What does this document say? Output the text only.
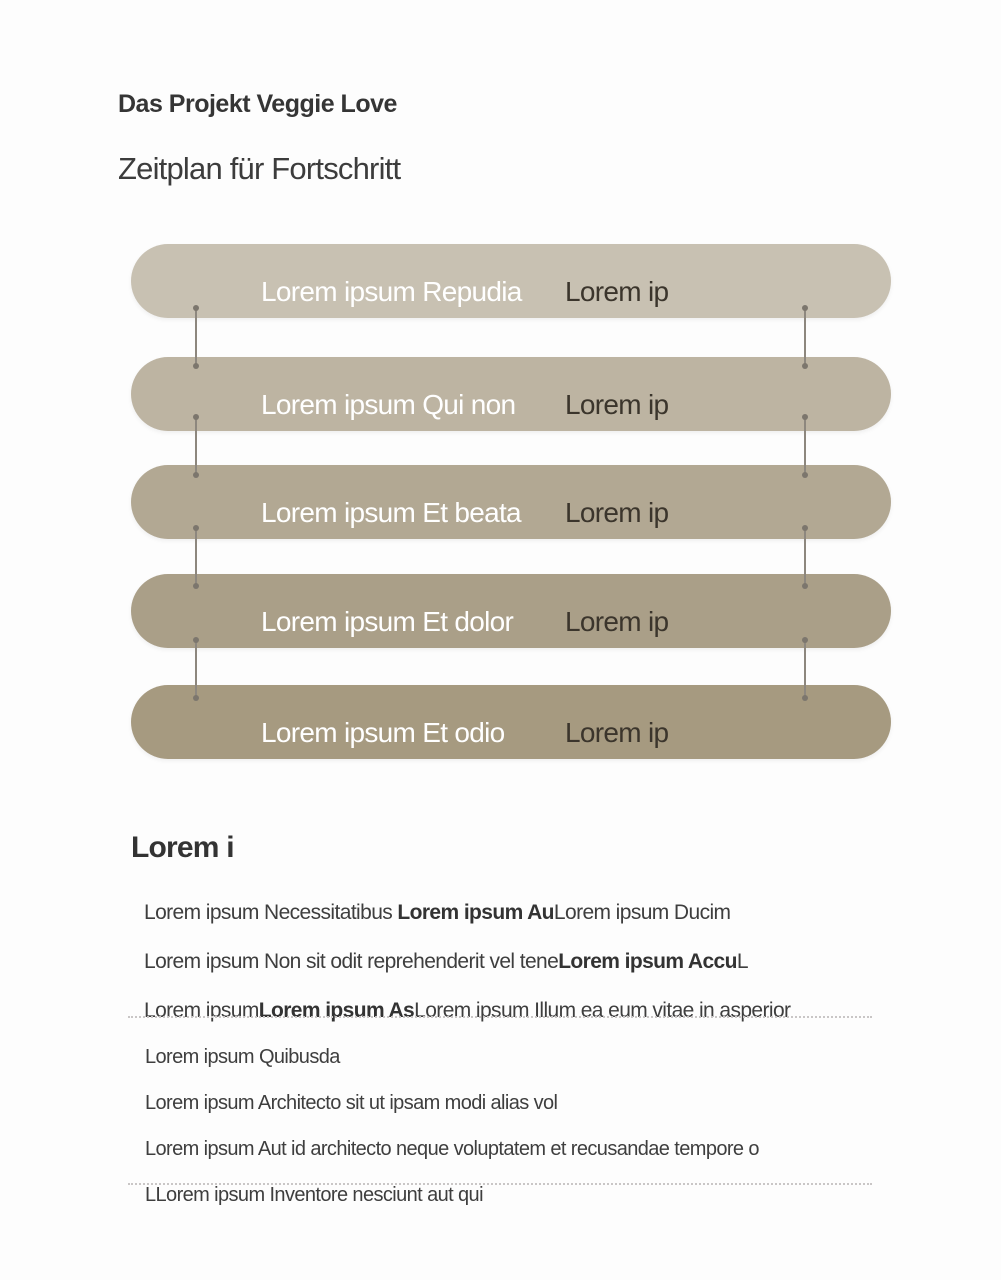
Das Projekt Veggie Love
Zeitplan für Fortschritt
Lorem ipsum Repudia Lorem ip
Lorem ipsum Qui non Lorem ip
Lorem ipsum Et beata Lorem ip
Lorem ipsum Et dolor Lorem ip
Lorem ipsum Et odio Lorem ip
Lorem i
Lorem ipsum Necessitatibus Lorem ipsum AuLorem ipsum Ducim
Lorem ipsum Non sit odit reprehenderit vel teneLorem ipsum AccuL
Lorem ipsumLorem ipsum AsLorem ipsum Illum ea eum vitae in asperior
Lorem ipsum Quibusda
Lorem ipsum Architecto sit ut ipsam modi alias vol
Lorem ipsum Aut id architecto neque voluptatem et recusandae tempore o
LLorem ipsum Inventore nesciunt aut qui
